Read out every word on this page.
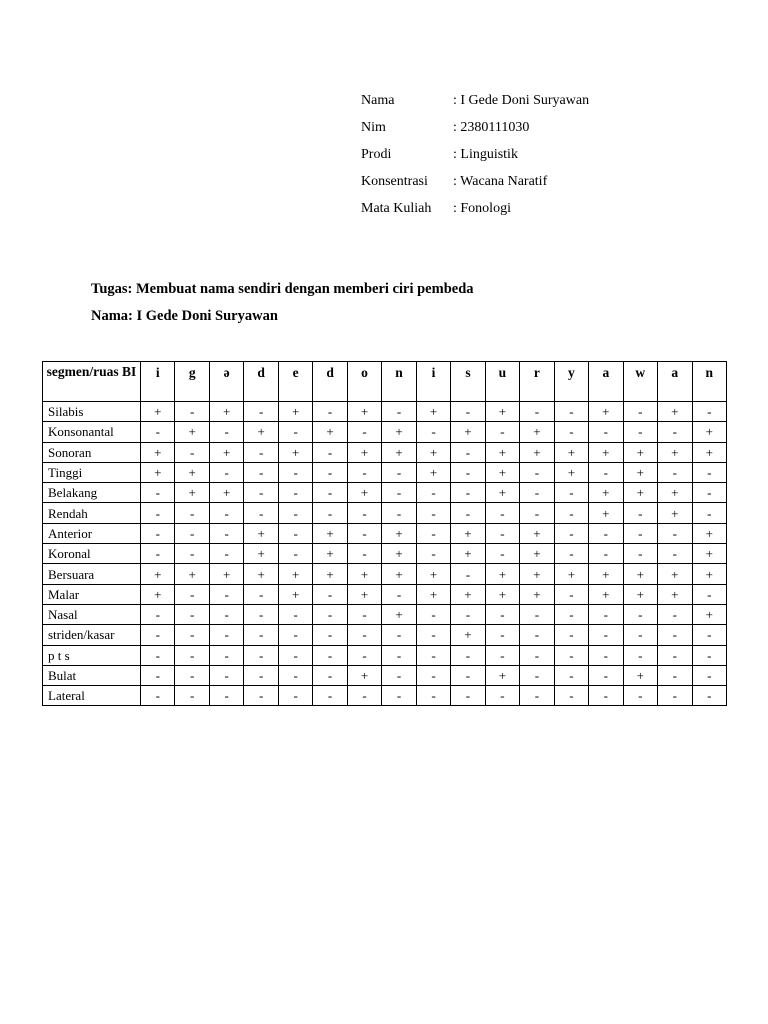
Nama	: I Gede Doni Suryawan
Nim	: 2380111030
Prodi	: Linguistik
Konsentrasi	: Wacana Naratif
Mata Kuliah	: Fonologi
Tugas: Membuat nama sendiri dengan memberi ciri pembeda
Nama: I Gede Doni Suryawan
segmen/ruas BI	i	g	ə	d	e	d	o	n	i	s	u	r	y	a	w	a	n
Silabis	+	-	+	-	+	-	+	-	+	-	+	-	-	+	-	+	-
Konsonantal	-	+	-	+	-	+	-	+	-	+	-	+	-	-	-	-	+
Sonoran	+	-	+	-	+	-	+	+	+	-	+	+	+	+	+	+	+
Tinggi	+	+	-	-	-	-	-	-	+	-	+	-	+	-	+	-	-
Belakang	-	+	+	-	-	-	+	-	-	-	+	-	-	+	+	+	-
Rendah	-	-	-	-	-	-	-	-	-	-	-	-	-	+	-	+	-
Anterior	-	-	-	+	-	+	-	+	-	+	-	+	-	-	-	-	+
Koronal	-	-	-	+	-	+	-	+	-	+	-	+	-	-	-	-	+
Bersuara	+	+	+	+	+	+	+	+	+	-	+	+	+	+	+	+	+
Malar	+	-	-	-	+	-	+	-	+	+	+	+	-	+	+	+	-
Nasal	-	-	-	-	-	-	-	+	-	-	-	-	-	-	-	-	+
striden/kasar	-	-	-	-	-	-	-	-	-	+	-	-	-	-	-	-	-
p t s	-	-	-	-	-	-	-	-	-	-	-	-	-	-	-	-	-
Bulat	-	-	-	-	-	-	+	-	-	-	+	-	-	-	+	-	-
Lateral	-	-	-	-	-	-	-	-	-	-	-	-	-	-	-	-	-
